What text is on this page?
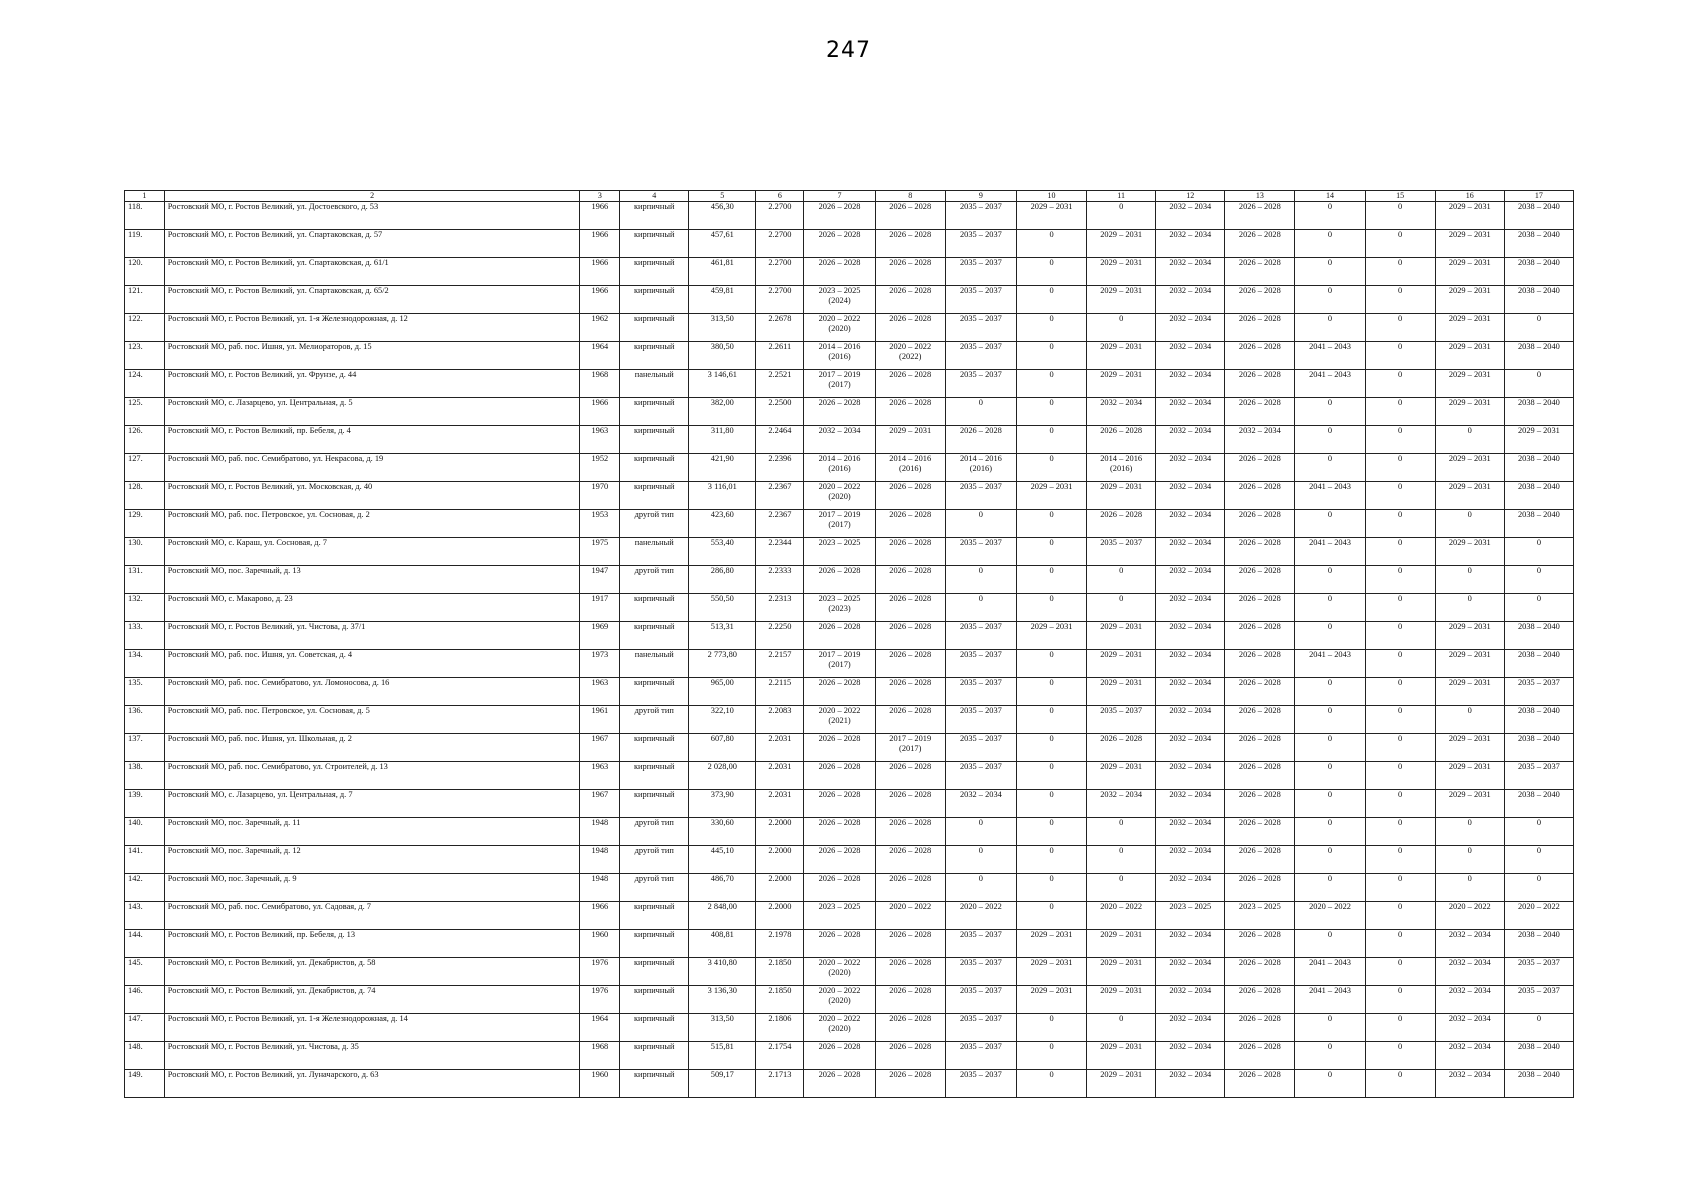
247
1	2	3	4	5	6	7	8	9	10	11	12	13	14	15	16	17

118.	Ростовский МО, г. Ростов Великий, ул. Достоевского, д. 53	1966	кирпичный	456,30	2.2700	2026 – 2028	2026 – 2028	2035 – 2037	2029 – 2031	0	2032 – 2034	2026 – 2028	0	0	2029 – 2031	2038 – 2040

119.	Ростовский МО, г. Ростов Великий, ул. Спартаковская, д. 57	1966	кирпичный	457,61	2.2700	2026 – 2028	2026 – 2028	2035 – 2037	0	2029 – 2031	2032 – 2034	2026 – 2028	0	0	2029 – 2031	2038 – 2040

120.	Ростовский МО, г. Ростов Великий, ул. Спартаковская, д. 61/1	1966	кирпичный	461,81	2.2700	2026 – 2028	2026 – 2028	2035 – 2037	0	2029 – 2031	2032 – 2034	2026 – 2028	0	0	2029 – 2031	2038 – 2040

121.	Ростовский МО, г. Ростов Великий, ул. Спартаковская, д. 65/2	1966	кирпичный	459,81	2.2700	2023 – 2025
(2024)	2026 – 2028	2035 – 2037	0	2029 – 2031	2032 – 2034	2026 – 2028	0	0	2029 – 2031	2038 – 2040

122.	Ростовский МО, г. Ростов Великий, ул. 1-я Железнодорожная, д. 12	1962	кирпичный	313,50	2.2678	2020 – 2022
(2020)	2026 – 2028	2035 – 2037	0	0	2032 – 2034	2026 – 2028	0	0	2029 – 2031	0

123.	Ростовский МО, раб. пос. Ишня, ул. Мелиораторов, д. 15	1964	кирпичный	380,50	2.2611	2014 – 2016
(2016)	2020 – 2022
(2022)	2035 – 2037	0	2029 – 2031	2032 – 2034	2026 – 2028	2041 – 2043	0	2029 – 2031	2038 – 2040

124.	Ростовский МО, г. Ростов Великий, ул. Фрунзе, д. 44	1968	панельный	3 146,61	2.2521	2017 – 2019
(2017)	2026 – 2028	2035 – 2037	0	2029 – 2031	2032 – 2034	2026 – 2028	2041 – 2043	0	2029 – 2031	0

125.	Ростовский МО, с. Лазарцево, ул. Центральная, д. 5	1966	кирпичный	382,00	2.2500	2026 – 2028	2026 – 2028	0	0	2032 – 2034	2032 – 2034	2026 – 2028	0	0	2029 – 2031	2038 – 2040

126.	Ростовский МО, г. Ростов Великий, пр. Бебеля, д. 4	1963	кирпичный	311,80	2.2464	2032 – 2034	2029 – 2031	2026 – 2028	0	2026 – 2028	2032 – 2034	2032 – 2034	0	0	0	2029 – 2031

127.	Ростовский МО, раб. пос. Семибратово, ул. Некрасова, д. 19	1952	кирпичный	421,90	2.2396	2014 – 2016
(2016)	2014 – 2016
(2016)	2014 – 2016
(2016)	0	2014 – 2016
(2016)	2032 – 2034	2026 – 2028	0	0	2029 – 2031	2038 – 2040

128.	Ростовский МО, г. Ростов Великий, ул. Московская, д. 40	1970	кирпичный	3 116,01	2.2367	2020 – 2022
(2020)	2026 – 2028	2035 – 2037	2029 – 2031	2029 – 2031	2032 – 2034	2026 – 2028	2041 – 2043	0	2029 – 2031	2038 – 2040

129.	Ростовский МО, раб. пос. Петровское, ул. Сосновая, д. 2	1953	другой тип	423,60	2.2367	2017 – 2019
(2017)	2026 – 2028	0	0	2026 – 2028	2032 – 2034	2026 – 2028	0	0	0	2038 – 2040

130.	Ростовский МО, с. Караш, ул. Сосновая, д. 7	1975	панельный	553,40	2.2344	2023 – 2025	2026 – 2028	2035 – 2037	0	2035 – 2037	2032 – 2034	2026 – 2028	2041 – 2043	0	2029 – 2031	0

131.	Ростовский МО, пос. Заречный, д. 13	1947	другой тип	286,80	2.2333	2026 – 2028	2026 – 2028	0	0	0	2032 – 2034	2026 – 2028	0	0	0	0

132.	Ростовский МО, с. Макарово, д. 23	1917	кирпичный	550,50	2.2313	2023 – 2025
(2023)	2026 – 2028	0	0	0	2032 – 2034	2026 – 2028	0	0	0	0

133.	Ростовский МО, г. Ростов Великий, ул. Чистова, д. 37/1	1969	кирпичный	513,31	2.2250	2026 – 2028	2026 – 2028	2035 – 2037	2029 – 2031	2029 – 2031	2032 – 2034	2026 – 2028	0	0	2029 – 2031	2038 – 2040

134.	Ростовский МО, раб. пос. Ишня, ул. Советская, д. 4	1973	панельный	2 773,80	2.2157	2017 – 2019
(2017)	2026 – 2028	2035 – 2037	0	2029 – 2031	2032 – 2034	2026 – 2028	2041 – 2043	0	2029 – 2031	2038 – 2040

135.	Ростовский МО, раб. пос. Семибратово, ул. Ломоносова, д. 16	1963	кирпичный	965,00	2.2115	2026 – 2028	2026 – 2028	2035 – 2037	0	2029 – 2031	2032 – 2034	2026 – 2028	0	0	2029 – 2031	2035 – 2037

136.	Ростовский МО, раб. пос. Петровское, ул. Сосновая, д. 5	1961	другой тип	322,10	2.2083	2020 – 2022
(2021)	2026 – 2028	2035 – 2037	0	2035 – 2037	2032 – 2034	2026 – 2028	0	0	0	2038 – 2040

137.	Ростовский МО, раб. пос. Ишня, ул. Школьная, д. 2	1967	кирпичный	607,80	2.2031	2026 – 2028	2017 – 2019
(2017)	2035 – 2037	0	2026 – 2028	2032 – 2034	2026 – 2028	0	0	2029 – 2031	2038 – 2040

138.	Ростовский МО, раб. пос. Семибратово, ул. Строителей, д. 13	1963	кирпичный	2 028,00	2.2031	2026 – 2028	2026 – 2028	2035 – 2037	0	2029 – 2031	2032 – 2034	2026 – 2028	0	0	2029 – 2031	2035 – 2037

139.	Ростовский МО, с. Лазарцево, ул. Центральная, д. 7	1967	кирпичный	373,90	2.2031	2026 – 2028	2026 – 2028	2032 – 2034	0	2032 – 2034	2032 – 2034	2026 – 2028	0	0	2029 – 2031	2038 – 2040

140.	Ростовский МО, пос. Заречный, д. 11	1948	другой тип	330,60	2.2000	2026 – 2028	2026 – 2028	0	0	0	2032 – 2034	2026 – 2028	0	0	0	0

141.	Ростовский МО, пос. Заречный, д. 12	1948	другой тип	445,10	2.2000	2026 – 2028	2026 – 2028	0	0	0	2032 – 2034	2026 – 2028	0	0	0	0

142.	Ростовский МО, пос. Заречный, д. 9	1948	другой тип	486,70	2.2000	2026 – 2028	2026 – 2028	0	0	0	2032 – 2034	2026 – 2028	0	0	0	0

143.	Ростовский МО, раб. пос. Семибратово, ул. Садовая, д. 7	1966	кирпичный	2 848,00	2.2000	2023 – 2025	2020 – 2022	2020 – 2022	0	2020 – 2022	2023 – 2025	2023 – 2025	2020 – 2022	0	2020 – 2022	2020 – 2022

144.	Ростовский МО, г. Ростов Великий, пр. Бебеля, д. 13	1960	кирпичный	408,81	2.1978	2026 – 2028	2026 – 2028	2035 – 2037	2029 – 2031	2029 – 2031	2032 – 2034	2026 – 2028	0	0	2032 – 2034	2038 – 2040

145.	Ростовский МО, г. Ростов Великий, ул. Декабристов, д. 58	1976	кирпичный	3 410,80	2.1850	2020 – 2022
(2020)	2026 – 2028	2035 – 2037	2029 – 2031	2029 – 2031	2032 – 2034	2026 – 2028	2041 – 2043	0	2032 – 2034	2035 – 2037

146.	Ростовский МО, г. Ростов Великий, ул. Декабристов, д. 74	1976	кирпичный	3 136,30	2.1850	2020 – 2022
(2020)	2026 – 2028	2035 – 2037	2029 – 2031	2029 – 2031	2032 – 2034	2026 – 2028	2041 – 2043	0	2032 – 2034	2035 – 2037

147.	Ростовский МО, г. Ростов Великий, ул. 1-я Железнодорожная, д. 14	1964	кирпичный	313,50	2.1806	2020 – 2022
(2020)	2026 – 2028	2035 – 2037	0	0	2032 – 2034	2026 – 2028	0	0	2032 – 2034	0

148.	Ростовский МО, г. Ростов Великий, ул. Чистова, д. 35	1968	кирпичный	515,81	2.1754	2026 – 2028	2026 – 2028	2035 – 2037	0	2029 – 2031	2032 – 2034	2026 – 2028	0	0	2032 – 2034	2038 – 2040

149.	Ростовский МО, г. Ростов Великий, ул. Луначарского, д. 63	1960	кирпичный	509,17	2.1713	2026 – 2028	2026 – 2028	2035 – 2037	0	2029 – 2031	2032 – 2034	2026 – 2028	0	0	2032 – 2034	2038 – 2040
